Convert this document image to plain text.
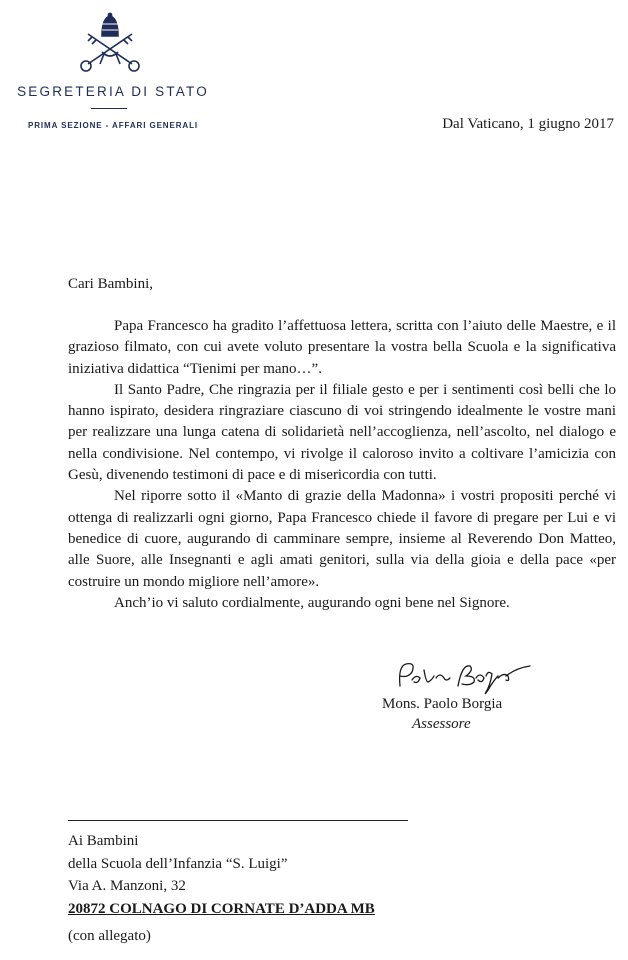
SEGRETERIA DI STATO
PRIMA SEZIONE - AFFARI GENERALI	Dal Vaticano, 1 giugno 2017
Cari Bambini,

Papa Francesco ha gradito l’affettuosa lettera, scritta con l’aiuto delle Maestre, e il grazioso filmato, con cui avete voluto presentare la vostra bella Scuola e la significativa iniziativa didattica “Tienimi per mano…”.

Il Santo Padre, Che ringrazia per il filiale gesto e per i sentimenti così belli che lo hanno ispirato, desidera ringraziare ciascuno di voi stringendo idealmente le vostre mani per realizzare una lunga catena di solidarietà nell’accoglienza, nell’ascolto, nel dialogo e nella condivisione. Nel contempo, vi rivolge il caloroso invito a coltivare l’amicizia con Gesù, divenendo testimoni di pace e di misericordia con tutti.

Nel riporre sotto il «Manto di grazie della Madonna» i vostri propositi perché vi ottenga di realizzarli ogni giorno, Papa Francesco chiede il favore di pregare per Lui e vi benedice di cuore, augurando di camminare sempre, insieme al Reverendo Don Matteo, alle Suore, alle Insegnanti e agli amati genitori, sulla via della gioia e della pace «per costruire un mondo migliore nell’amore».

Anch’io vi saluto cordialmente, augurando ogni bene nel Signore.

Mons. Paolo Borgia
Assessore
Ai Bambini
della Scuola dell’Infanzia “S. Luigi”
Via A. Manzoni, 32
20872 COLNAGO DI CORNATE D’ADDA MB
(con allegato)
